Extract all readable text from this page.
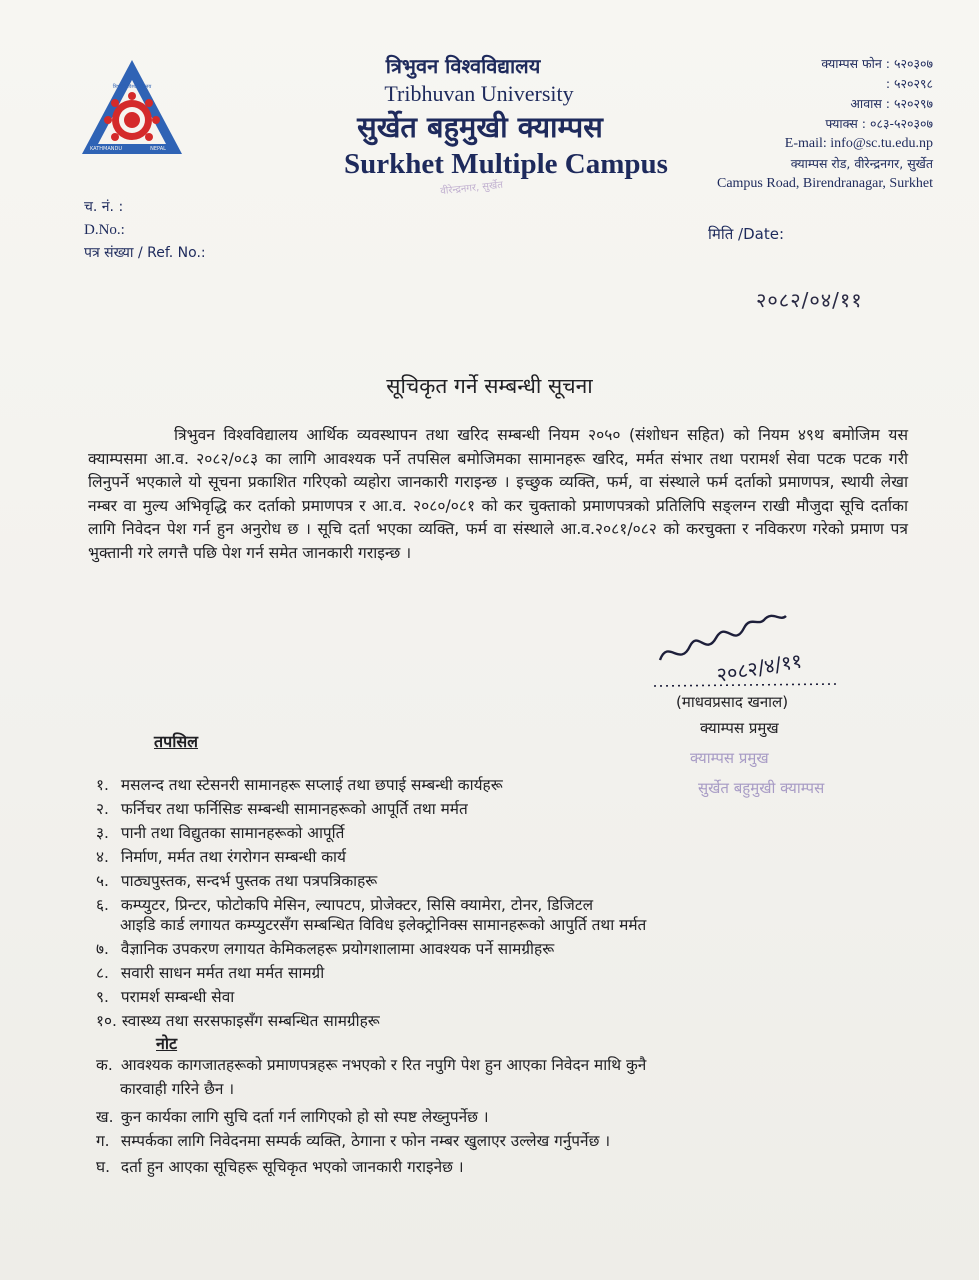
त्रिभुवन विश्वविद्यालय
KATHMANDU	NEPAL
त्रिभुवन विश्वविद्यालय
Tribhuvan University
सुर्खेत बहुमुखी क्याम्पस
Surkhet Multiple Campus
वीरेन्द्रनगर, सुर्खेत
क्याम्पस फोन : ५२०३०७
: ५२०२९८
आवास : ५२०२९७
फ्याक्स : ०८३-५२०३०७
E-mail: info@sc.tu.edu.np
क्याम्पस रोड, वीरेन्द्रनगर, सुर्खेत
Campus Road, Birendranagar, Surkhet
च. नं. :
D.No.:
पत्र संख्या / Ref. No.:
मिति /Date:
२०८२/०४/११
सूचिकृत गर्ने सम्बन्धी सूचना
त्रिभुवन विश्वविद्यालय आर्थिक व्यवस्थापन तथा खरिद सम्बन्धी नियम २०५० (संशोधन सहित) को नियम ४९थ बमोजिम यस क्याम्पसमा आ.व. २०८२/०८३ का लागि आवश्यक पर्ने तपसिल बमोजिमका सामानहरू खरिद, मर्मत संभार तथा परामर्श सेवा पटक पटक गरी लिनुपर्ने भएकाले यो सूचना प्रकाशित गरिएको व्यहोरा जानकारी गराइन्छ । इच्छुक व्यक्ति, फर्म, वा संस्थाले फर्म दर्ताको प्रमाणपत्र, स्थायी लेखा नम्बर वा मुल्य अभिवृद्धि कर दर्ताको प्रमाणपत्र र आ.व. २०८०/०८१ को कर चुक्ताको प्रमाणपत्रको प्रतिलिपि सङ्लग्न राखी मौजुदा सूचि दर्ताका लागि निवेदन पेश गर्न हुन अनुरोध छ । सूचि दर्ता भएका व्यक्ति, फर्म वा संस्थाले आ.व.२०८१/०८२ को करचुक्ता र नविकरण गरेको प्रमाण पत्र भुक्तानी गरे लगत्तै पछि पेश गर्न समेत जानकारी गराइन्छ ।
२०८२/४/११
(माधवप्रसाद खनाल)
क्याम्पस प्रमुख
क्याम्पस प्रमुख
सुर्खेत बहुमुखी क्याम्पस
तपसिल
१. मसलन्द तथा स्टेसनरी सामानहरू सप्लाई तथा छपाई सम्बन्धी कार्यहरू
२. फर्निचर तथा फर्निसिङ सम्बन्धी सामानहरूको आपूर्ति तथा मर्मत
३. पानी तथा विद्युतका सामानहरूको आपूर्ति
४. निर्माण, मर्मत तथा रंगरोगन सम्बन्धी कार्य
५. पाठ्यपुस्तक, सन्दर्भ पुस्तक तथा पत्रपत्रिकाहरू
६. कम्प्युटर, प्रिन्टर, फोटोकपि मेसिन, ल्यापटप, प्रोजेक्टर, सिसि क्यामेरा, टोनर, डिजिटल
आइडि कार्ड लगायत कम्प्युटरसँग सम्बन्धित विविध इलेक्ट्रोनिक्स सामानहरूको आपुर्ति तथा मर्मत
७. वैज्ञानिक उपकरण लगायत केमिकलहरू प्रयोगशालामा आवश्यक पर्ने सामग्रीहरू
८. सवारी साधन मर्मत तथा मर्मत सामग्री
९. परामर्श सम्बन्धी सेवा
१०. स्वास्थ्य तथा सरसफाइसँग सम्बन्धित सामग्रीहरू
नोट
क. आवश्यक कागजातहरूको प्रमाणपत्रहरू नभएको र रित नपुगि पेश हुन आएका निवेदन माथि कुनै
कारवाही गरिने छैन ।
ख. कुन कार्यका लागि सुचि दर्ता गर्न लागिएको हो सो स्पष्ट लेख्नुपर्नेछ ।
ग. सम्पर्कका लागि निवेदनमा सम्पर्क व्यक्ति, ठेगाना र फोन नम्बर खुलाएर उल्लेख गर्नुपर्नेछ ।
घ. दर्ता हुन आएका सूचिहरू सूचिकृत भएको जानकारी गराइनेछ ।
